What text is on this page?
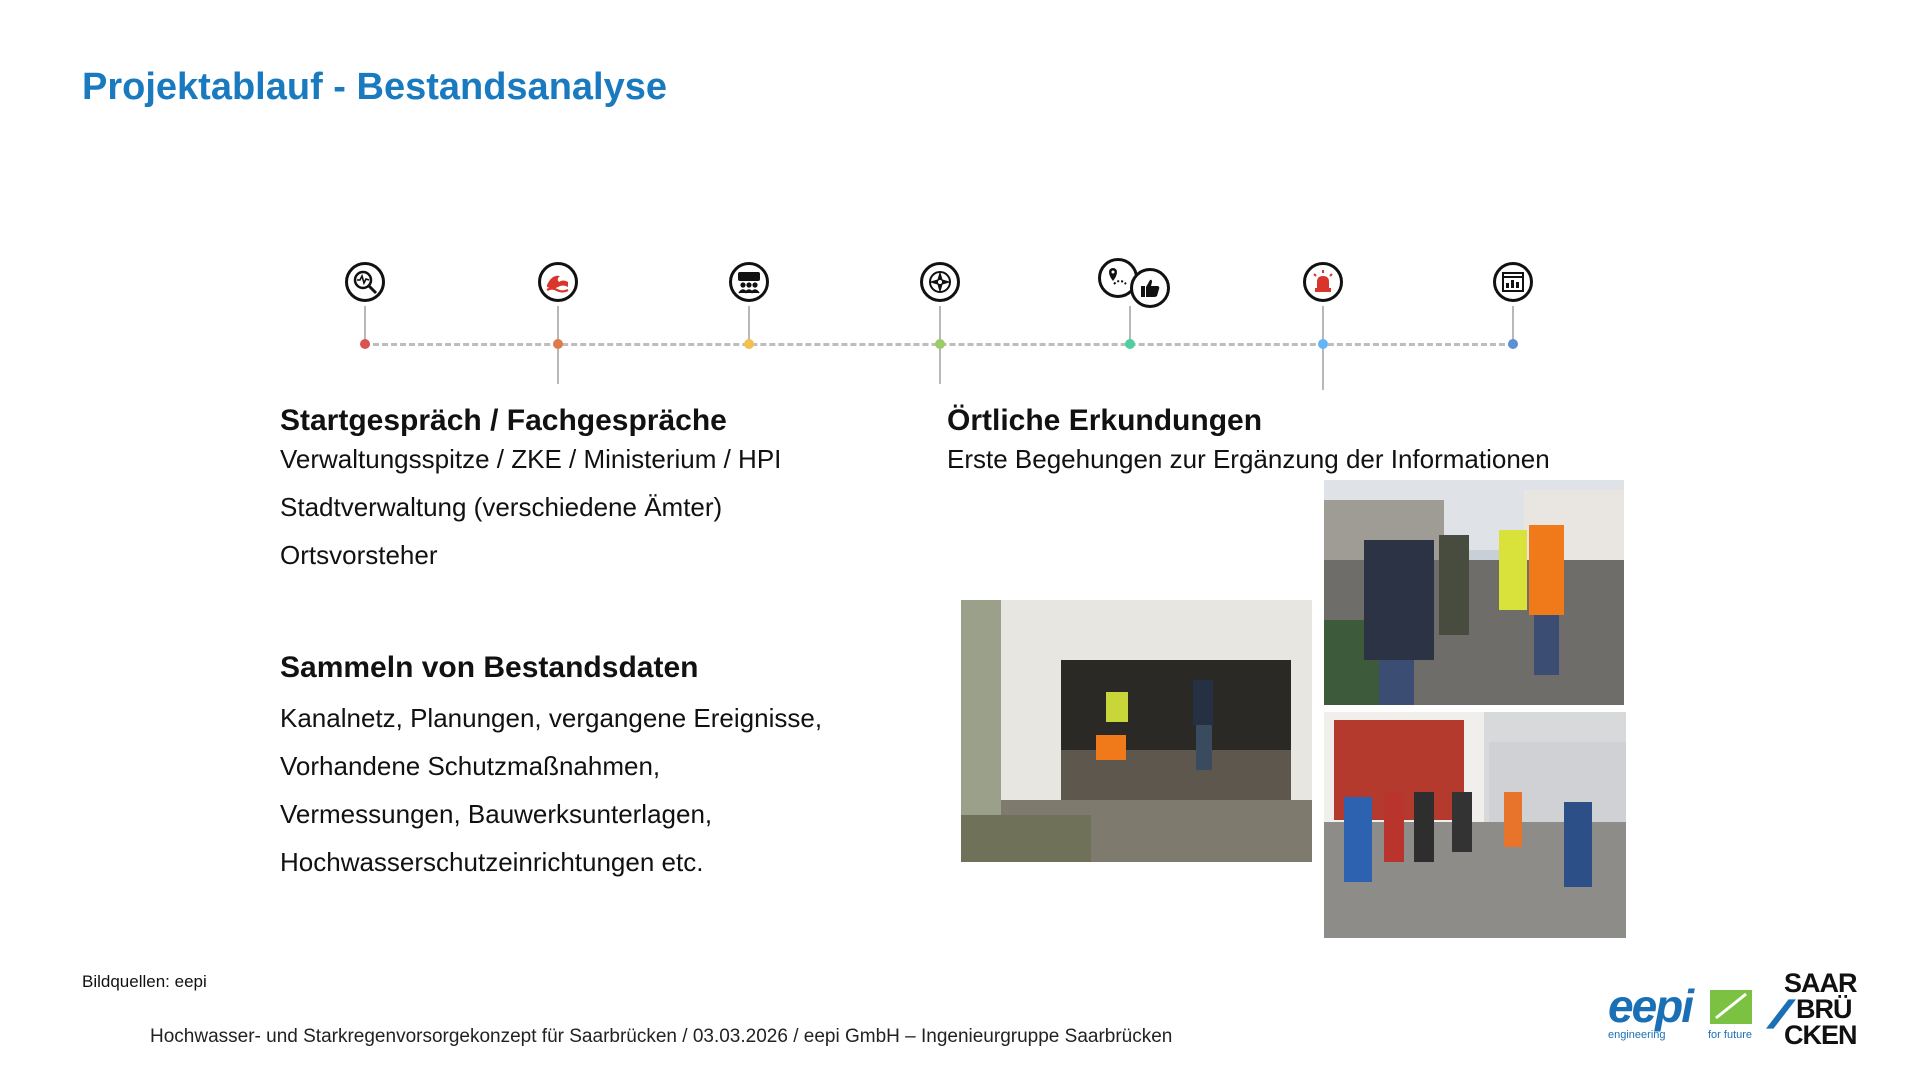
Projektablauf - Bestandsanalyse
Startgespräch / Fachgespräche
Verwaltungsspitze / ZKE / Ministerium / HPI
Stadtverwaltung (verschiedene Ämter)
Ortsvorsteher
Sammeln von Bestandsdaten
Kanalnetz, Planungen, vergangene Ereignisse,
Vorhandene Schutzmaßnahmen,
Vermessungen, Bauwerksunterlagen,
Hochwasserschutzeinrichtungen etc.
Örtliche Erkundungen
Erste Begehungen zur Ergänzung der Informationen
Bildquellen: eepi
Hochwasser- und Starkregenvorsorgekonzept für Saarbrücken / 03.03.2026 / eepi GmbH – Ingenieurgruppe Saarbrücken
eepi
engineering	for future
SAAR
BRÜ
CKEN
